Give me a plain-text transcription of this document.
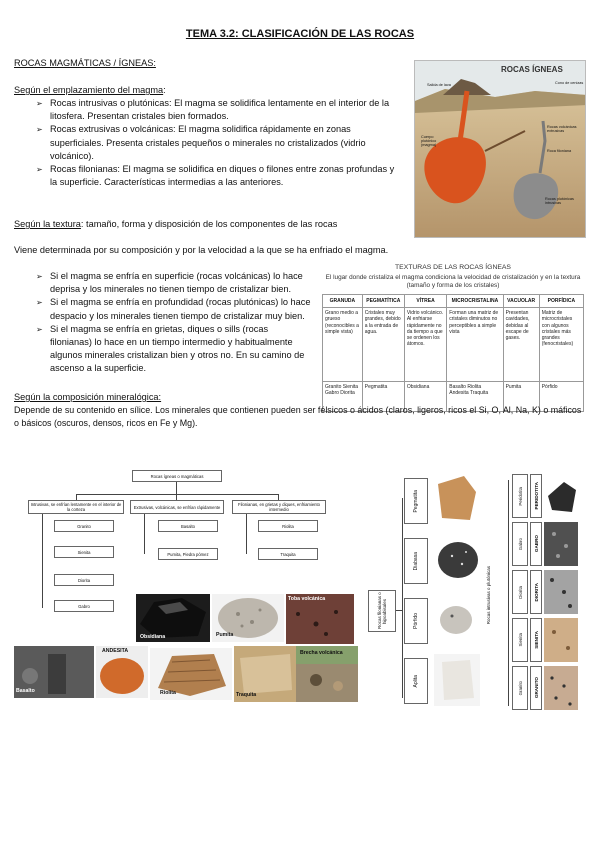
TEMA 3.2: CLASIFICACIÓN DE LAS ROCAS
ROCAS MAGMÁTICAS / ÍGNEAS:
Según el emplazamiento del magma:
➢ Rocas intrusivas o plutónicas: El magma se solidifica lentamente en el interior de la litosfera. Presentan cristales bien formados.
➢ Rocas extrusivas o volcánicas: El magma solidifica rápidamente en zonas superficiales. Presenta cristales pequeños o minerales no cristalizados (vidrio volcánico).
➢ Rocas filonianas: El magma se solidifica en diques o filones entre zonas profundas y la superficie. Características intermedias a las anteriores.
ROCAS ÍGNEAS
Salida de lava	Cono de cenizas
Rocas volcánicas extrusivas
Cuerpo plutónico (magma)
Roca filoniana
Rocas plutónicas intrusivas
Según la textura: tamaño, forma y disposición de los componentes de las rocas
Viene determinada por su composición y por la velocidad a la que se ha enfriado el magma.
➢ Si el magma se enfría en superficie (rocas volcánicas) lo hace deprisa y los minerales no tienen tiempo de cristalizar bien.
➢ Si el magma se enfría en profundidad (rocas plutónicas) lo hace despacio y los minerales tienen tiempo de cristalizar muy bien.
➢ Si el magma se enfría en grietas, diques o sills (rocas filonianas) lo hace en un tiempo intermedio y habitualmente algunos minerales cristalizan bien y otros no. En su camino de ascenso a la superficie.
TEXTURAS DE LAS ROCAS ÍGNEAS
El lugar donde cristaliza el magma condiciona la velocidad de cristalización y en la textura (tamaño y forma de los cristales)
GRANUDA	PEGMATÍTICA	VÍTREA	MICROCRISTALINA	VACUOLAR	PORFÍDICA
Grano medio a grueso (reconocibles a simple vista)	Cristales muy grandes, debido a la entrada de agua.	Vidrio volcánico. Al enfriarse rápidamente no da tiempo a que se ordenen los átomos.	Forman una matriz de cristales diminutos no perceptibles a simple vista	Presentan cavidades, debidas al escape de gases.	Matriz de microcristales con algunos cristales más grandes (fenocristales)
Granito Sienita Gabro Diorita	Pegmatita	Obsidiana	Basalto Riolita Andesita Traquita	Pumita	Pórfido
Según la composición mineralógica:
Depende de su contenido en sílice. Los minerales que contienen pueden ser félsicos o ácidos (claros, ligeros, ricos el Si, O, Al, Na, K) o máficos o básicos (oscuros, densos, ricos en Fe y Mg).
Rocas ígneas o magmáticas
Intrusivas, se enfrían lentamente en el interior de la corteza	Extrusivas, volcánicas, se enfrían rápidamente	Filonianas, en grietas y diques, enfriamiento intermedio
Granito
Sienita
Diorita
Gabro
Basalto
Pumita, Piedra pómez
Riolita
Traquita
Pumita
Toba volcánica
Basalto
ANDESITA
Riolita	Traquita
Brecha volcánica
Rocas filonianas o hipoabisales
Pegmatita
Diabasa
Pórfido
Aplita
Rocas intrusivas o plutónicas
Peridotita PERIDOTITA
Gabro GABRO
Diorita DIORITA
Sienita SIENITA
Granito GRANITO
Obsidiana
